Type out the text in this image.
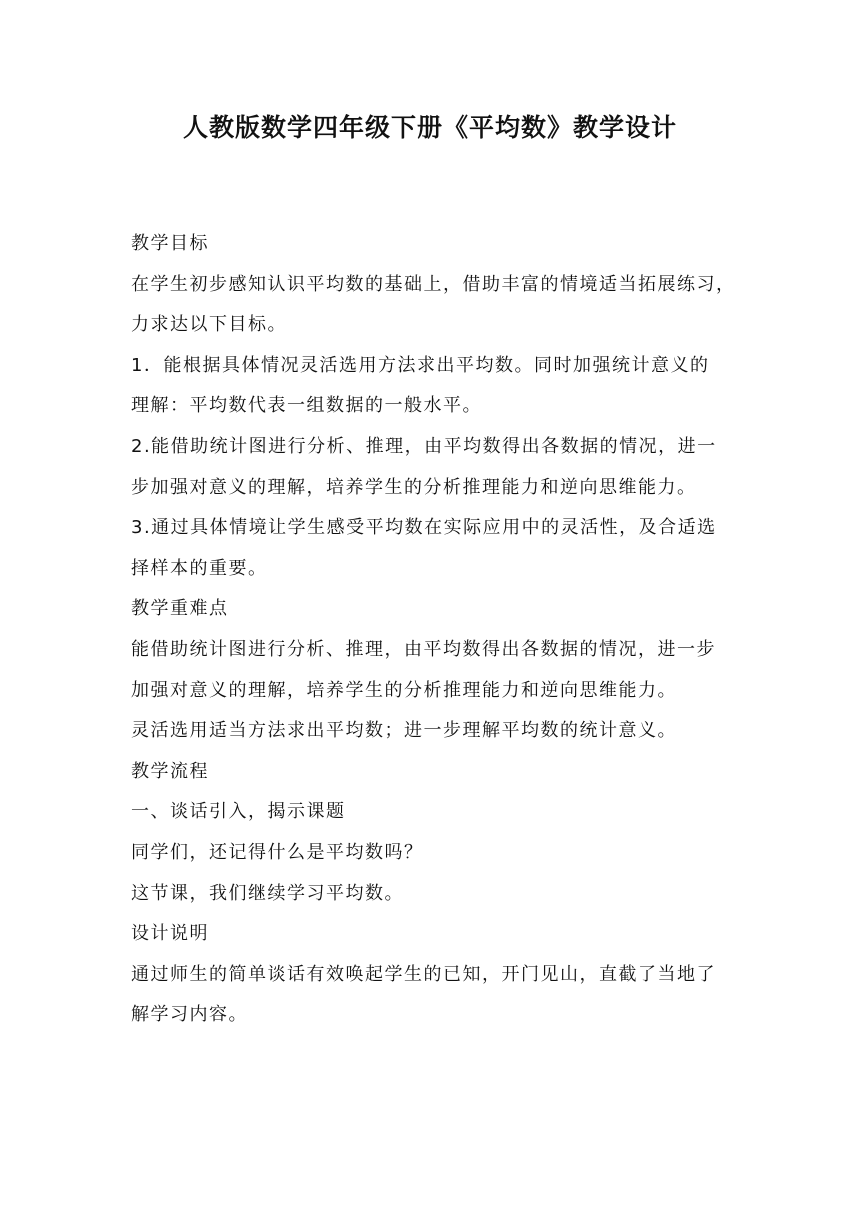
人教版数学四年级下册《平均数》教学设计
教学目标
在学生初步感知认识平均数的基础上，借助丰富的情境适当拓展练习，
力求达以下目标。
1．能根据具体情况灵活选用方法求出平均数。同时加强统计意义的
理解：平均数代表一组数据的一般水平。
2.能借助统计图进行分析、推理，由平均数得出各数据的情况，进一
步加强对意义的理解，培养学生的分析推理能力和逆向思维能力。
3.通过具体情境让学生感受平均数在实际应用中的灵活性，及合适选
择样本的重要。
教学重难点
能借助统计图进行分析、推理，由平均数得出各数据的情况，进一步
加强对意义的理解，培养学生的分析推理能力和逆向思维能力。
灵活选用适当方法求出平均数；进一步理解平均数的统计意义。
教学流程
一、谈话引入，揭示课题
同学们，还记得什么是平均数吗？
这节课，我们继续学习平均数。
设计说明
通过师生的简单谈话有效唤起学生的已知，开门见山，直截了当地了
解学习内容。
